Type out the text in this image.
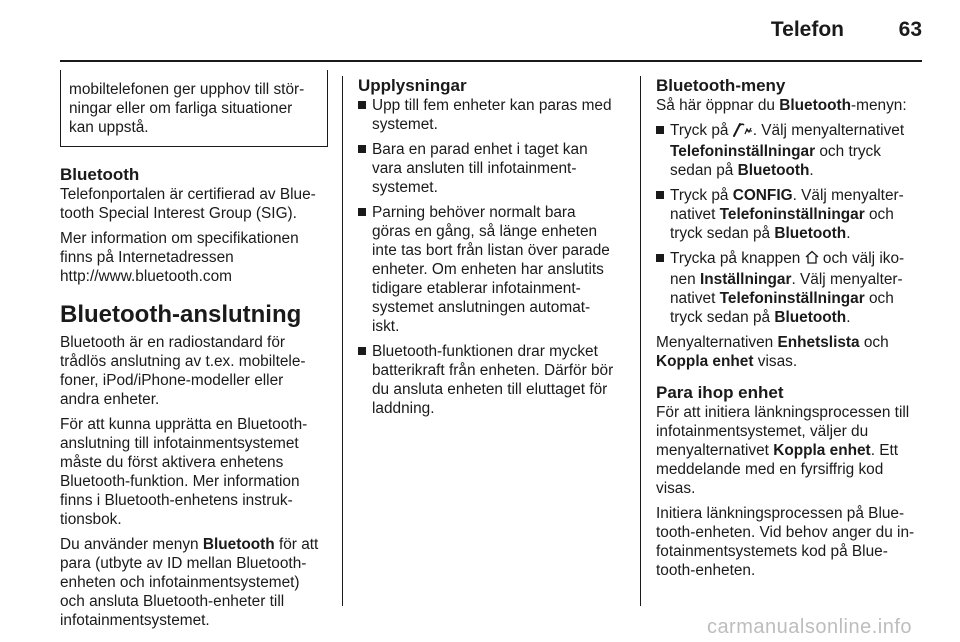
Telefon	63
mobiltelefonen ger upphov till stör-
ningar eller om farliga situationer
kan uppstå.
Bluetooth

Telefonportalen är certifierad av Blue-
tooth Special Interest Group (SIG).

Mer information om specifikationen
finns på Internetadressen
http://www.bluetooth.com

Bluetooth-anslutning

Bluetooth är en radiostandard för
trådlös anslutning av t.ex. mobiltele-
foner, iPod/iPhone-modeller eller
andra enheter.

För att kunna upprätta en Bluetooth-
anslutning till infotainmentsystemet
måste du först aktivera enhetens
Bluetooth-funktion. Mer information
finns i Bluetooth-enhetens instruk-
tionsbok.

Du använder menyn Bluetooth för att
para (utbyte av ID mellan Bluetooth-
enheten och infotainmentsystemet)
och ansluta Bluetooth-enheter till
infotainmentsystemet.

Upplysningar
Upp till fem enheter kan paras med
systemet.
Bara en parad enhet i taget kan
vara ansluten till infotainment-
systemet.
Parning behöver normalt bara
göras en gång, så länge enheten
inte tas bort från listan över parade
enheter. Om enheten har anslutits
tidigare etablerar infotainment-
systemet anslutningen automat-
iskt.
Bluetooth-funktionen drar mycket
batterikraft från enheten. Därför bör
du ansluta enheten till eluttaget för
laddning.
Bluetooth-meny

Så här öppnar du Bluetooth-menyn:

Tryck på . Välj menyalternativet
Telefoninställningar och tryck
sedan på Bluetooth.
Tryck på CONFIG. Välj menyalter-
nativet Telefoninställningar och
tryck sedan på Bluetooth.
Trycka på knappen  och välj iko-
nen Inställningar. Välj menyalter-
nativet Telefoninställningar och
tryck sedan på Bluetooth.

Menyalternativen Enhetslista och
Koppla enhet visas.

Para ihop enhet

För att initiera länkningsprocessen till
infotainmentsystemet, väljer du
menyalternativet Koppla enhet. Ett
meddelande med en fyrsiffrig kod
visas.

Initiera länkningsprocessen på Blue-
tooth-enheten. Vid behov anger du in-
fotainmentsystemets kod på Blue-
tooth-enheten.

carmanualsonline.info
